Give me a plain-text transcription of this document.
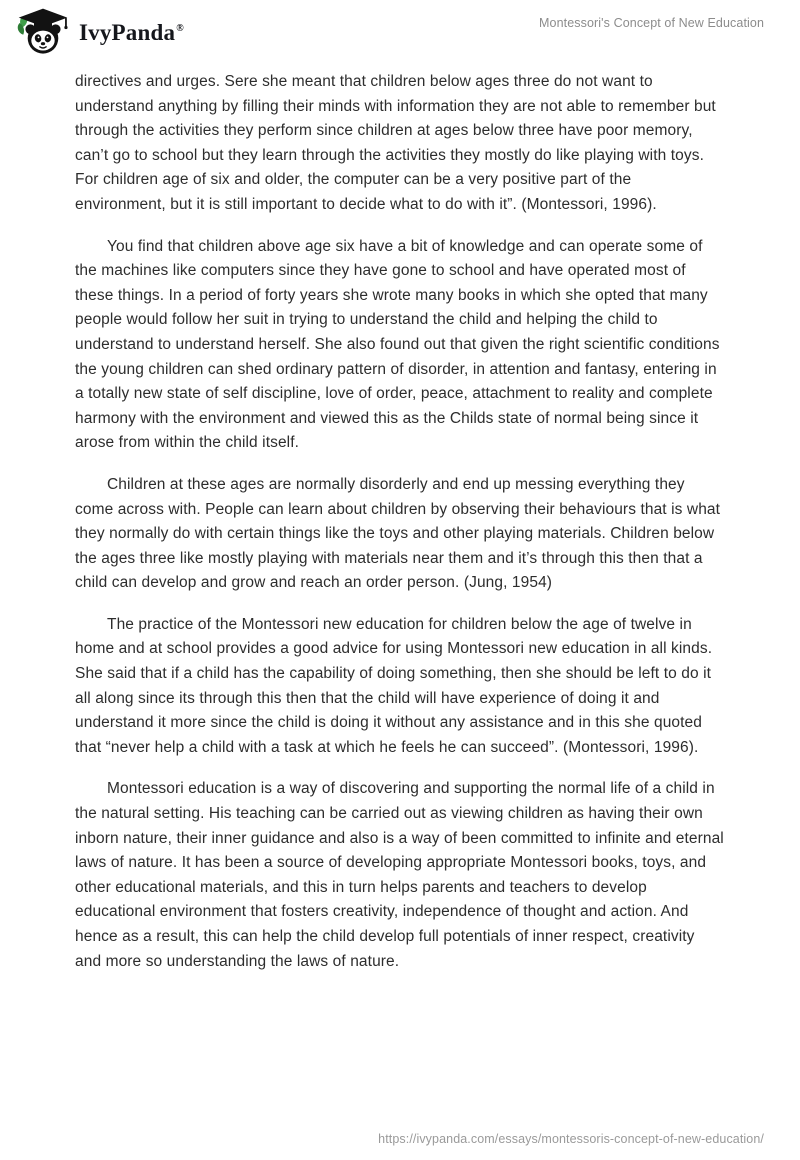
IvyPanda®	Montessori's Concept of New Education

directives and urges. Sere she meant that children below ages three do not want to understand anything by filling their minds with information they are not able to remember but through the activities they perform since children at ages below three have poor memory, can’t go to school but they learn through the activities they mostly do like playing with toys. For children age of six and older, the computer can be a very positive part of the environment, but it is still important to decide what to do with it”. (Montessori, 1996).

You find that children above age six have a bit of knowledge and can operate some of the machines like computers since they have gone to school and have operated most of these things. In a period of forty years she wrote many books in which she opted that many people would follow her suit in trying to understand the child and helping the child to understand to understand herself. She also found out that given the right scientific conditions the young children can shed ordinary pattern of disorder, in attention and fantasy, entering in a totally new state of self discipline, love of order, peace, attachment to reality and complete harmony with the environment and viewed this as the Childs state of normal being since it arose from within the child itself.

Children at these ages are normally disorderly and end up messing everything they come across with. People can learn about children by observing their behaviours that is what they normally do with certain things like the toys and other playing materials. Children below the ages three like mostly playing with materials near them and it’s through this then that a child can develop and grow and reach an order person. (Jung, 1954)

The practice of the Montessori new education for children below the age of twelve in home and at school provides a good advice for using Montessori new education in all kinds. She said that if a child has the capability of doing something, then she should be left to do it all along since its through this then that the child will have experience of doing it and understand it more since the child is doing it without any assistance and in this she quoted that “never help a child with a task at which he feels he can succeed”. (Montessori, 1996).

Montessori education is a way of discovering and supporting the normal life of a child in the natural setting. His teaching can be carried out as viewing children as having their own inborn nature, their inner guidance and also is a way of been committed to infinite and eternal laws of nature. It has been a source of developing appropriate Montessori books, toys, and other educational materials, and this in turn helps parents and teachers to develop educational environment that fosters creativity, independence of thought and action. And hence as a result, this can help the child develop full potentials of inner respect, creativity and more so understanding the laws of nature.

https://ivypanda.com/essays/montessoris-concept-of-new-education/
